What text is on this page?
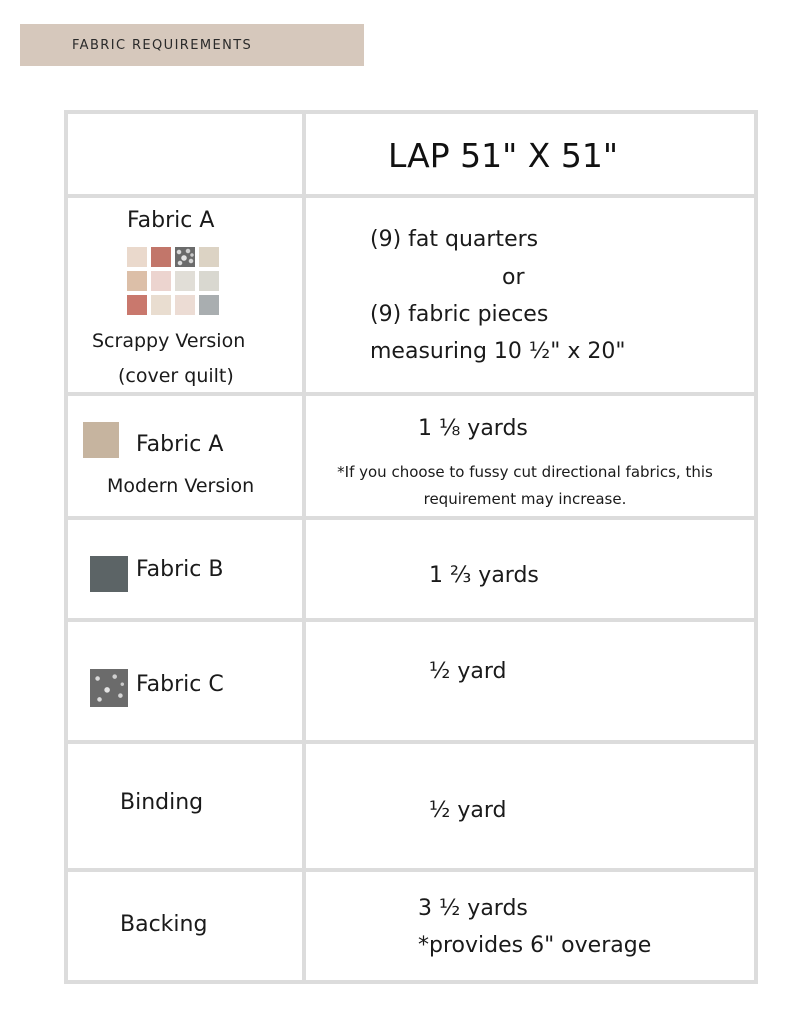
FABRIC REQUIREMENTS
LAP 51" X 51"
Fabric A
Scrappy Version
(cover quilt)
(9) fat quarters
or
(9) fabric pieces
measuring 10 ½" x 20"
Fabric A
Modern Version
1 ⅛ yards
*If you choose to fussy cut directional fabrics, this requirement may increase.
Fabric B	1 ⅔ yards
Fabric C
½ yard
Binding	½ yard
Backing
3 ½ yards
*provides 6" overage
